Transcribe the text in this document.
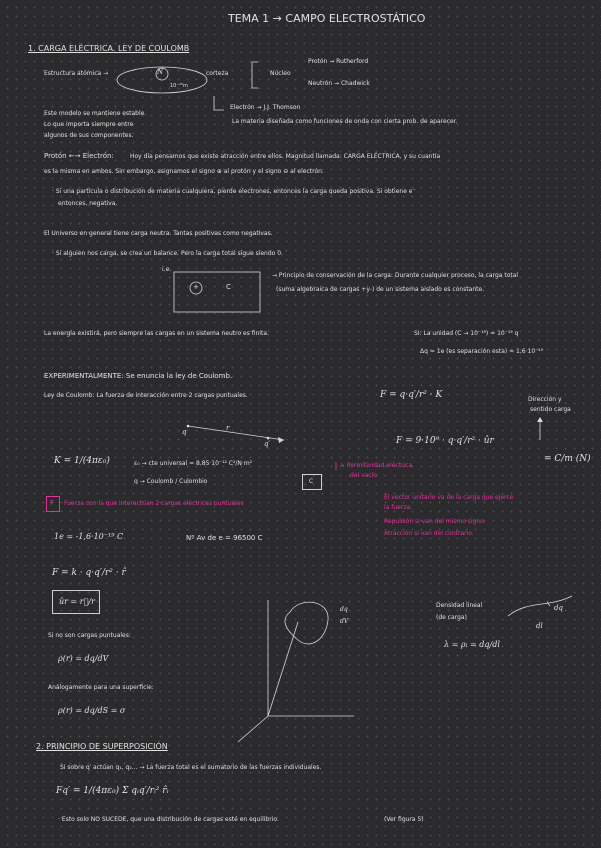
TEMA 1 → CAMPO ELECTROSTÁTICO
1. CARGA ELÉCTRICA. LEY DE COULOMB
Estructura atómica →	N
10⁻¹⁵m
corteza	Núcleo
Protón → Rutherford
Neutrón → Chadwick
Electrón → J.J. Thomson
La materia diseñada como funciones de onda con cierta prob. de aparecer.
Este modelo se mantiene estable.
Lo que importa siempre entre
algunos de sus componentes.
Protón ←→ Electrón:	Hoy día pensamos que existe atracción entre ellos. Magnitud llamada: CARGA ELÉCTRICA, y su cuantía
es la misma en ambos. Sin embargo, asignamos el signo ⊕ al protón y el signo ⊖ al electrón.
· Si una partícula o distribución de materia cualquiera, pierde electrones, entonces la carga queda positiva. Si obtiene e⁻
entonces, negativa.
El Universo en general tiene carga neutra. Tantas positivas como negativas.
· Si alguien nos carga, se crea un balance. Pero la carga total sigue siendo 0.
i.e.
+	C
→ Principio de conservación de la carga: Durante cualquier proceso, la carga total
(suma algebraica de cargas +y-) de un sistema aislado es constante.
La energía existirá, pero siempre las cargas en un sistema neutro es finita.	SI: La unidad (C → 10⁻¹⁹) ≈ 10⁻¹⁹ q
Δq = 1e (es separación esta) ≈ 1,6·10⁻¹⁹
EXPERIMENTALMENTE: Se enuncia la ley de Coulomb.
Ley de Coulomb: La fuerza de interacción entre 2 cargas puntuales.	F = q·q′/r² · K	Dirección y
sentido carga
q
q′
r
F = 9·10⁹ · q·q′/r² · ûr
= C/m (N)
K = 1/(4πε₀)	ε₀ → cte universal = 8,85·10⁻¹² C²/N·m²
q → Coulomb / Culombio	C
↳ Permitividad eléctrica
del vacío
F Fuerza con la que interactúan 2 cargas eléctricas puntuales
El vector unitario va de la carga que ejerce
la fuerza.
Repulsión si van del mismo signo.
Atracción si van del contrario.
1e = -1,6·10⁻¹⁹ C	Nº Av de e = 96500 C
F = k · q·q′/r² · r̂
ûr = r⃗/r
dq
dV
Densidad lineal
(de carga)
dq
dl
λ = ρₗ = dq/dl
Si no son cargas puntuales:
ρ(r) = dq/dV
Análogamente para una superficie:
ρ(r) = dq/dS = σ
2. PRINCIPIO DE SUPERPOSICIÓN
Si sobre q′ actúan q₁, q₂... → La fuerza total es el sumatorio de las fuerzas individuales.
Fq′ = 1/(4πε₀) Σ qᵢq′/rᵢ² r̂ᵢ
· Esto solo NO SUCEDE, que una distribución de cargas esté en equilibrio.	(Ver figura 5)
